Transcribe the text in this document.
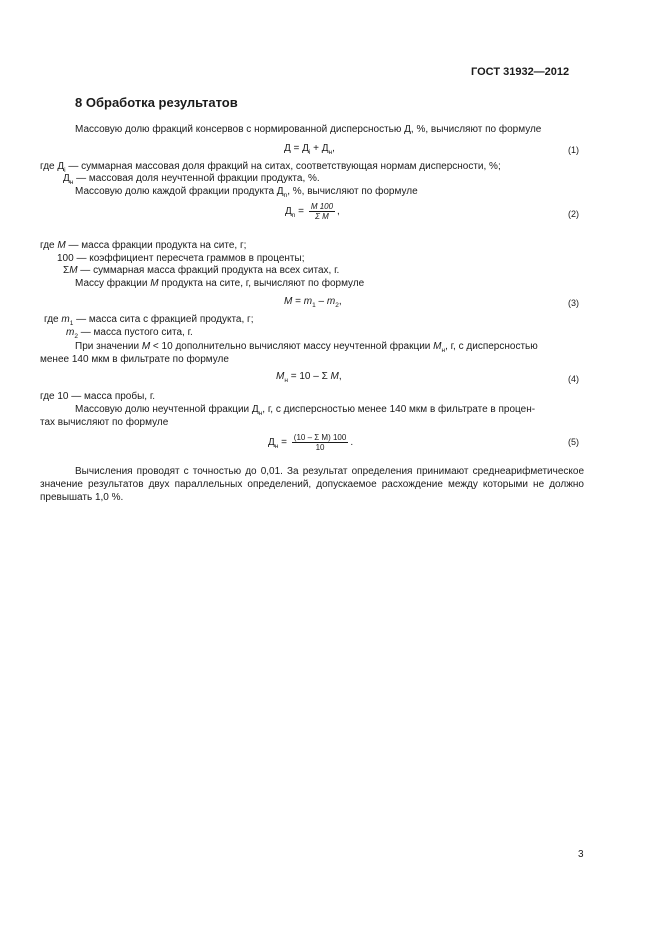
ГОСТ 31932—2012
8 Обработка результатов
Массовую долю фракций консервов с нормированной дисперсностью Д, %, вычисляют по формуле
$Д = Д_i + Д_н$,	(1)
где $Д_i$ — суммарная массовая доля фракций на ситах, соответствующая нормам дисперсности, %;
$Д_н$ — массовая доля неучтенной фракции продукта, %.
Массовую долю каждой фракции продукта $Д_n$, %, вычисляют по формуле
$Д_n = \frac{M 100}{\text{Σ M}}$ ,	(2)
где M — масса фракции продукта на сите, г;
100 — коэффициент пересчета граммов в проценты;
ΣM — суммарная масса фракций продукта на всех ситах, г.
Массу фракции M продукта на сите, г, вычисляют по формуле
$M = m_1 - m_2$,	(3)
где $m_1$ — масса сита с фракцией продукта, г;
$m_2$ — масса пустого сита, г.
При значении M < 10 дополнительно вычисляют массу неучтенной фракции $M_н$, г, с дисперсностью
менее 140 мкм в фильтрате по формуле
$M_н = 10 - \Sigma$ M,	(4)
где 10 — масса пробы, г.
Массовую долю неучтенной фракции $Д_н$, г, с дисперсностью менее 140 мкм в фильтрате в процен-
тах вычисляют по формуле
$Д_н = \frac{\text{(10 – Σ M) 100}}{10}$ .	(5)
Вычисления проводят с точностью до 0,01. За результат определения принимают среднеарифметическое значение результатов двух параллельных определений, допускаемое расхождение между которыми не должно превышать 1,0 %.
3
